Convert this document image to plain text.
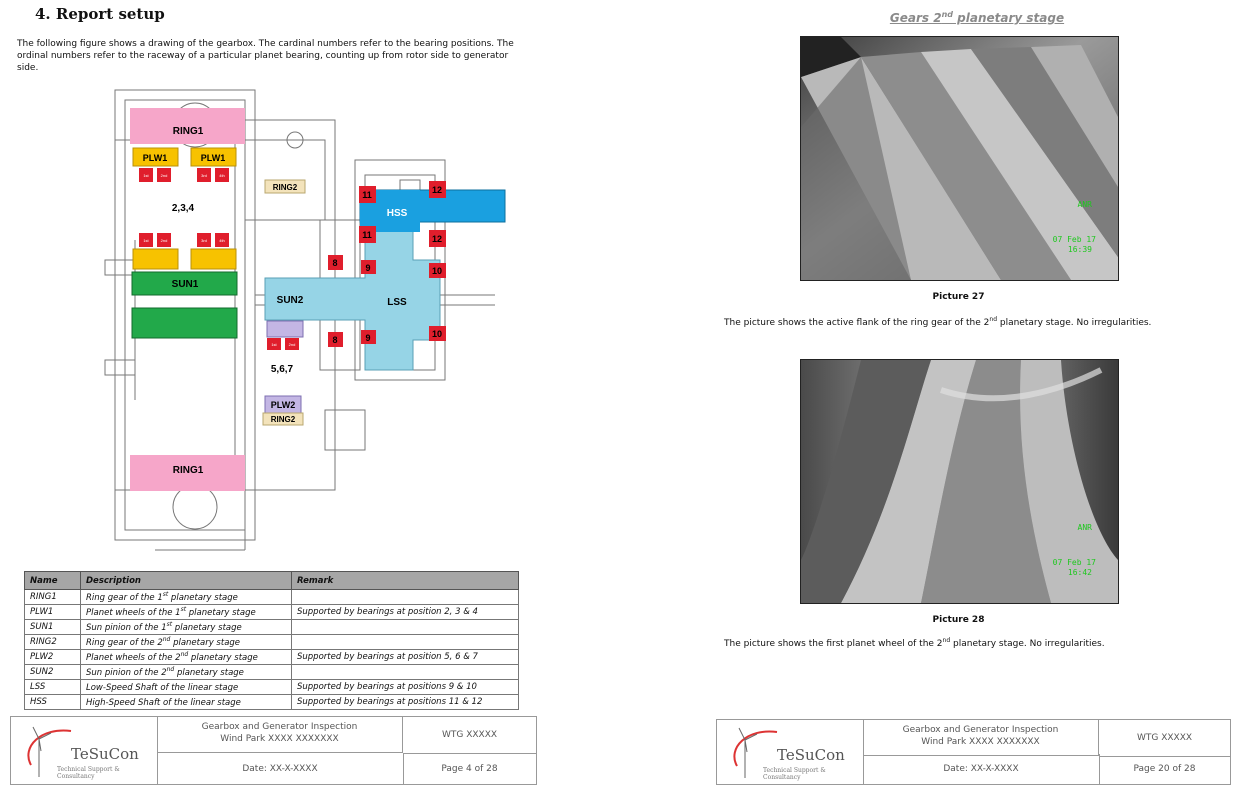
4. Report setup
The following figure shows a drawing of the gearbox. The cardinal numbers refer to the bearing positions. The ordinal numbers refer to the raceway of a particular planet bearing, counting up from rotor side to generator side.
RING1
PLW1	PLW1
1st	2nd	3rd	4th
2,3,4
1st	2nd	3rd	4th
SUN1
RING2
SUN2	LSS
HSS
11
11
12
12
8
8
9
9
10
10
1st	2nd
5,6,7
PLW2
RING2
RING1
Name	Description	Remark
RING1	Ring gear of the 1st planetary stage	
PLW1	Planet wheels of the 1st planetary stage	Supported by bearings at position 2, 3 & 4
SUN1	Sun pinion of the 1st planetary stage	
RING2	Ring gear of the 2nd planetary stage	
PLW2	Planet wheels of the 2nd planetary stage	Supported by bearings at position 5, 6 & 7
SUN2	Sun pinion of the 2nd planetary stage	
LSS	Low-Speed Shaft of the linear stage	Supported by bearings at positions 9 & 10
HSS	High-Speed Shaft of the linear stage	Supported by bearings at positions 11 & 12
TeSuCon
Technical Support & Consultancy
Gearbox and Generator Inspection
Wind Park XXXX XXXXXXX	WTG XXXXX
Date: XX-X-XXXX	Page 4 of 28
Gears 2nd planetary stage
ANR
07 Feb 17
16:39
Picture 27
The picture shows the active flank of the ring gear of the 2nd planetary stage. No irregularities.
ANR
07 Feb 17
16:42
Picture 28
The picture shows the first planet wheel of the 2nd planetary stage. No irregularities.
TeSuCon
Technical Support & Consultancy
Gearbox and Generator Inspection
Wind Park XXXX XXXXXXX	WTG XXXXX
Date: XX-X-XXXX	Page 20 of 28
